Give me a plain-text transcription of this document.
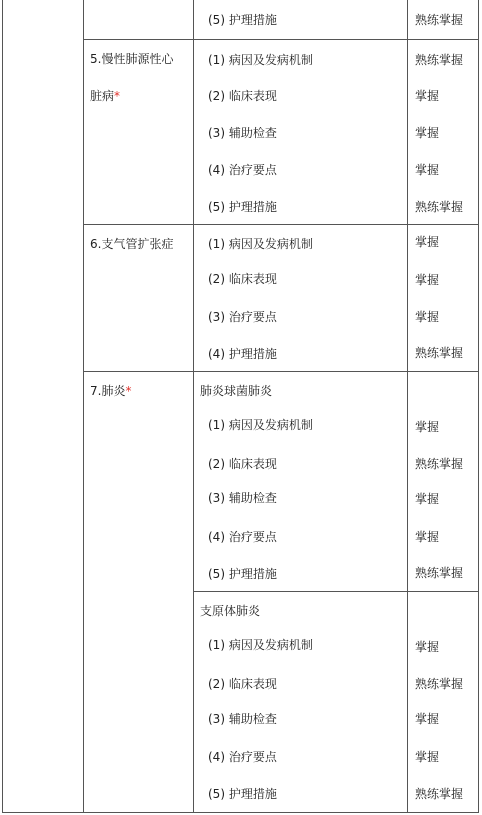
(5) 护理措施	熟练掌握
5.慢性肺源性心
脏病*
(1) 病因及发病机制	熟练掌握
(2) 临床表现	掌握
(3) 辅助检查	掌握
(4) 治疗要点	掌握
(5) 护理措施	熟练掌握
6.支气管扩张症	(1) 病因及发病机制	掌握
(2) 临床表现	掌握
(3) 治疗要点	掌握
(4) 护理措施	熟练掌握
7.肺炎*	肺炎球菌肺炎
(1) 病因及发病机制	掌握
(2) 临床表现	熟练掌握
(3) 辅助检查	掌握
(4) 治疗要点	掌握
(5) 护理措施	熟练掌握
支原体肺炎
(1) 病因及发病机制	掌握
(2) 临床表现	熟练掌握
(3) 辅助检查	掌握
(4) 治疗要点	掌握
(5) 护理措施	熟练掌握
